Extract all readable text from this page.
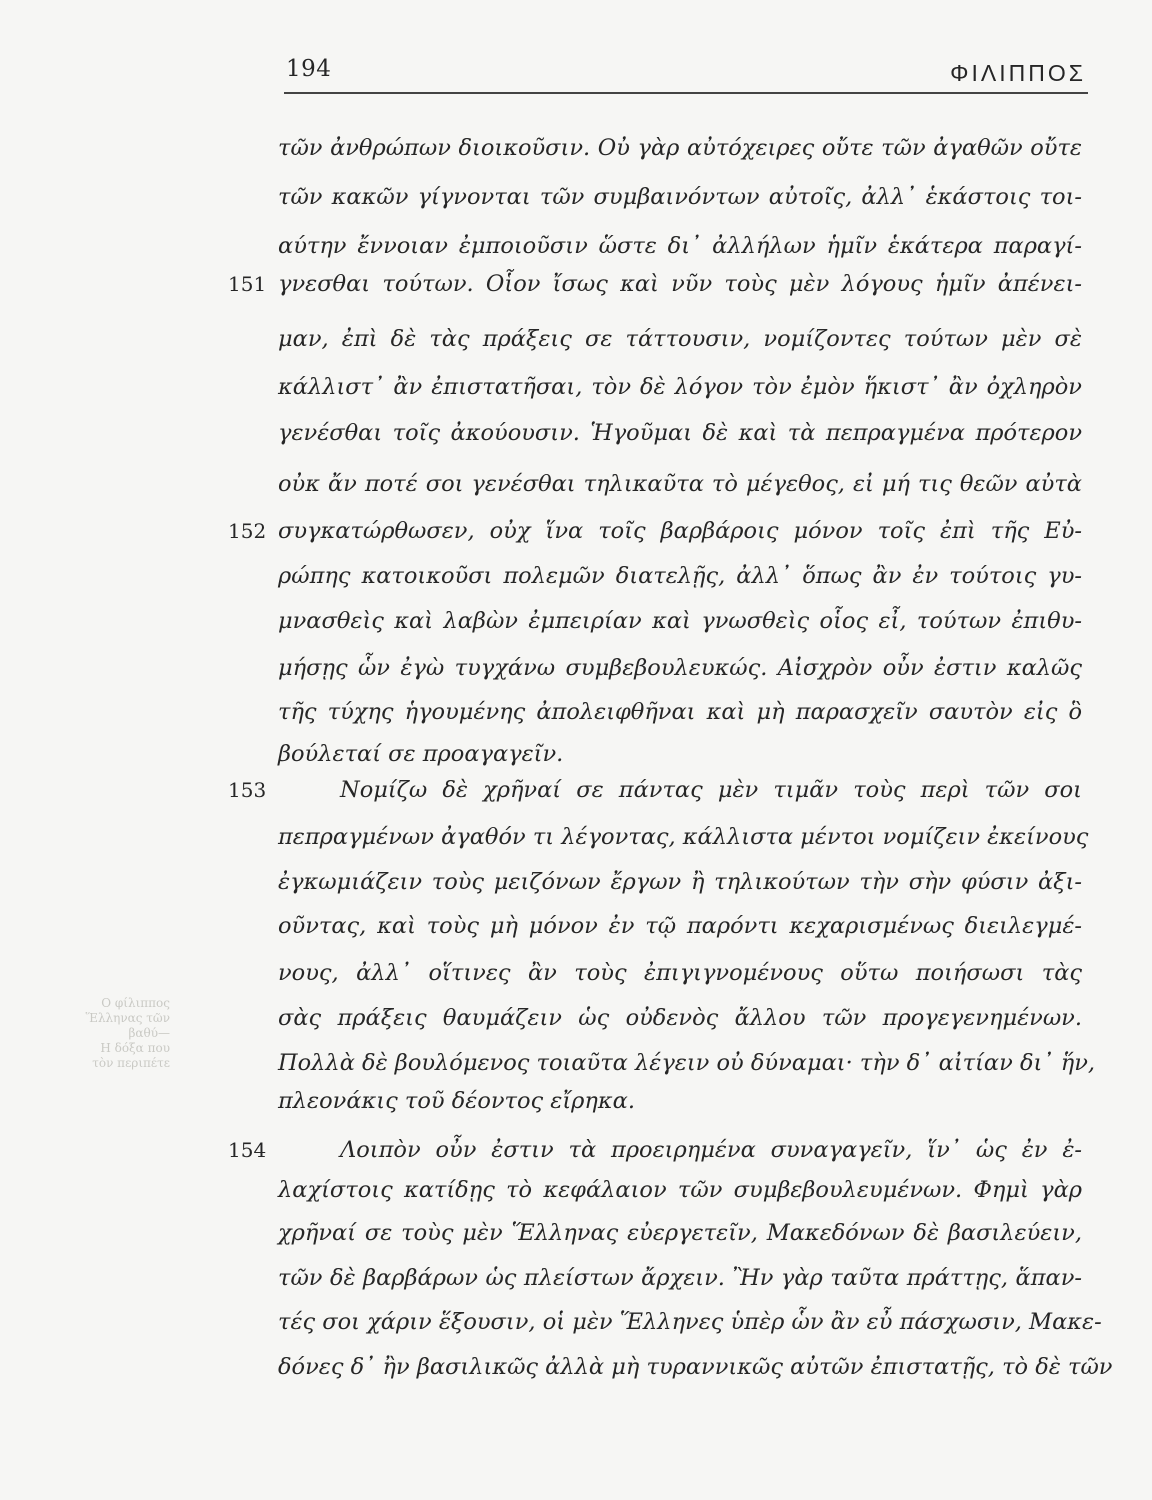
194	ΦΙΛΙΠΠΟΣ
τῶν ἀνθρώπων διοικοῦσιν. Οὐ γὰρ αὐτόχειρες οὔτε τῶν ἀγαθῶν οὔτε
τῶν κακῶν γίγνονται τῶν συμβαινόντων αὐτοῖς, ἀλλ᾿ ἑκάστοις τοι-
αύτην ἔννοιαν ἐμποιοῦσιν ὥστε δι᾿ ἀλλήλων ἡμῖν ἑκάτερα παραγί-
151 γνεσθαι τούτων. Οἷον ἴσως καὶ νῦν τοὺς μὲν λόγους ἡμῖν ἀπένει-
μαν, ἐπὶ δὲ τὰς πράξεις σε τάττουσιν, νομίζοντες τούτων μὲν σὲ
κάλλιστ᾿ ἂν ἐπιστατῆσαι, τὸν δὲ λόγον τὸν ἐμὸν ἥκιστ᾿ ἂν ὀχληρὸν
γενέσθαι τοῖς ἀκούουσιν. Ἡγοῦμαι δὲ καὶ τὰ πεπραγμένα πρότερον
οὐκ ἄν ποτέ σοι γενέσθαι τηλικαῦτα τὸ μέγεθος, εἰ μή τις θεῶν αὐτὰ
152 συγκατώρθωσεν, οὐχ ἵνα τοῖς βαρβάροις μόνον τοῖς ἐπὶ τῆς Εὐ-
ρώπης κατοικοῦσι πολεμῶν διατελῇς, ἀλλ᾿ ὅπως ἂν ἐν τούτοις γυ-
μνασθεὶς καὶ λαβὼν ἐμπειρίαν καὶ γνωσθεὶς οἷος εἶ, τούτων ἐπιθυ-
μήσῃς ὧν ἐγὼ τυγχάνω συμβεβουλευκώς. Αἰσχρὸν οὖν ἐστιν καλῶς
τῆς τύχης ἡγουμένης ἀπολειφθῆναι καὶ μὴ παρασχεῖν σαυτὸν εἰς ὃ
βούλεταί σε προαγαγεῖν.
153	Νομίζω δὲ χρῆναί σε πάντας μὲν τιμᾶν τοὺς περὶ τῶν σοι
πεπραγμένων ἀγαθόν τι λέγοντας, κάλλιστα μέντοι νομίζειν ἐκείνους
ἐγκωμιάζειν τοὺς μειζόνων ἔργων ἢ τηλικούτων τὴν σὴν φύσιν ἀξι-
οῦντας, καὶ τοὺς μὴ μόνον ἐν τῷ παρόντι κεχαρισμένως διειλεγμέ-
νους, ἀλλ᾿ οἵτινες ἂν τοὺς ἐπιγιγνομένους οὕτω ποιήσωσι τὰς
σὰς πράξεις θαυμάζειν ὡς οὐδενὸς ἄλλου τῶν προγεγενημένων.
Πολλὰ δὲ βουλόμενος τοιαῦτα λέγειν οὐ δύναμαι· τὴν δ᾿ αἰτίαν δι᾿ ἥν,
πλεονάκις τοῦ δέοντος εἴρηκα.
154	Λοιπὸν οὖν ἐστιν τὰ προειρημένα συναγαγεῖν, ἵν᾿ ὡς ἐν ἐ-
λαχίστοις κατίδῃς τὸ κεφάλαιον τῶν συμβεβουλευμένων. Φημὶ γὰρ
χρῆναί σε τοὺς μὲν Ἕλληνας εὐεργετεῖν, Μακεδόνων δὲ βασιλεύειν,
τῶν δὲ βαρβάρων ὡς πλείστων ἄρχειν. Ἢν γὰρ ταῦτα πράττῃς, ἅπαν-
τές σοι χάριν ἕξουσιν, οἱ μὲν Ἕλληνες ὑπὲρ ὧν ἂν εὖ πάσχωσιν, Μακε-
δόνες δ᾿ ἢν βασιλικῶς ἀλλὰ μὴ τυραννικῶς αὐτῶν ἐπιστατῇς, τὸ δὲ τῶν
Ο φίλιππος
Ἕλληνας τῶν
βαθύ—
Η δόξα που
τὸν περιπέτε
